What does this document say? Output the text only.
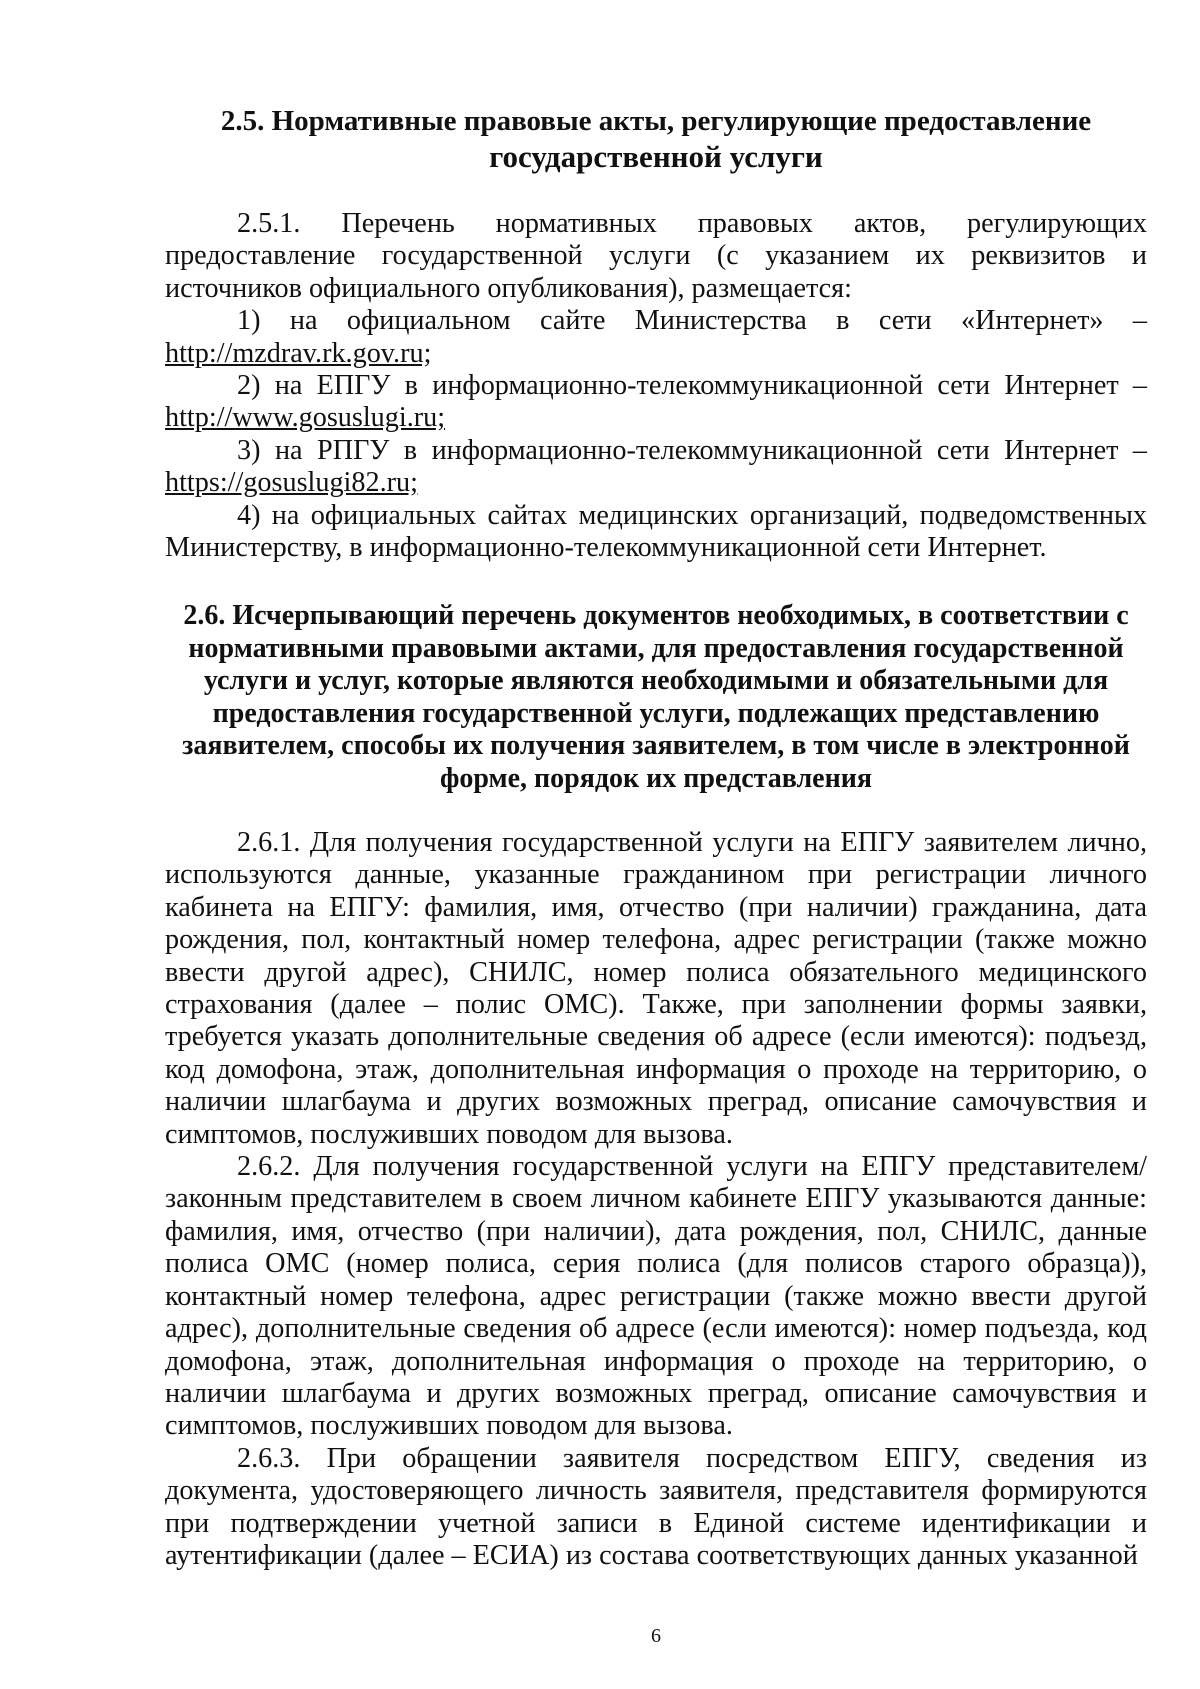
2.5. Нормативные правовые акты, регулирующие предоставление
государственной услуги

2.5.1. Перечень нормативных правовых актов, регулирующих предоставление государственной услуги (с указанием их реквизитов и источников официального опубликования), размещается:

1) на официальном сайте Министерства в сети «Интернет» – http://mzdrav.rk.gov.ru;

2) на ЕПГУ в информационно-телекоммуникационной сети Интернет – http://www.gosuslugi.ru;

3) на РПГУ в информационно-телекоммуникационной сети Интернет – https://gosuslugi82.ru;

4) на официальных сайтах медицинских организаций, подведомственных Министерству, в информационно-телекоммуникационной сети Интернет.

2.6. Исчерпывающий перечень документов необходимых, в соответствии с нормативными правовыми актами, для предоставления государственной услуги и услуг, которые являются необходимыми и обязательными для предоставления государственной услуги, подлежащих представлению заявителем, способы их получения заявителем, в том числе в электронной форме, порядок их представления

2.6.1. Для получения государственной услуги на ЕПГУ заявителем лично, используются данные, указанные гражданином при регистрации личного кабинета на ЕПГУ: фамилия, имя, отчество (при наличии) гражданина, дата рождения, пол, контактный номер телефона, адрес регистрации (также можно ввести другой адрес), СНИЛС, номер полиса обязательного медицинского страхования (далее – полис ОМС). Также, при заполнении формы заявки, требуется указать дополнительные сведения об адресе (если имеются): подъезд, код домофона, этаж, дополнительная информация о проходе на территорию, о наличии шлагбаума и других возможных преград, описание самочувствия и симптомов, послуживших поводом для вызова.

2.6.2. Для получения государственной услуги на ЕПГУ представителем/законным представителем в своем личном кабинете ЕПГУ указываются данные: фамилия, имя, отчество (при наличии), дата рождения, пол, СНИЛС, данные полиса ОМС (номер полиса, серия полиса (для полисов старого образца)), контактный номер телефона, адрес регистрации (также можно ввести другой адрес), дополнительные сведения об адресе (если имеются): номер подъезда, код домофона, этаж, дополнительная информация о проходе на территорию, о наличии шлагбаума и других возможных преград, описание самочувствия и симптомов, послуживших поводом для вызова.

2.6.3. При обращении заявителя посредством ЕПГУ, сведения из документа, удостоверяющего личность заявителя, представителя формируются при подтверждении учетной записи в Единой системе идентификации и аутентификации (далее – ЕСИА) из состава соответствующих данных указанной

6
